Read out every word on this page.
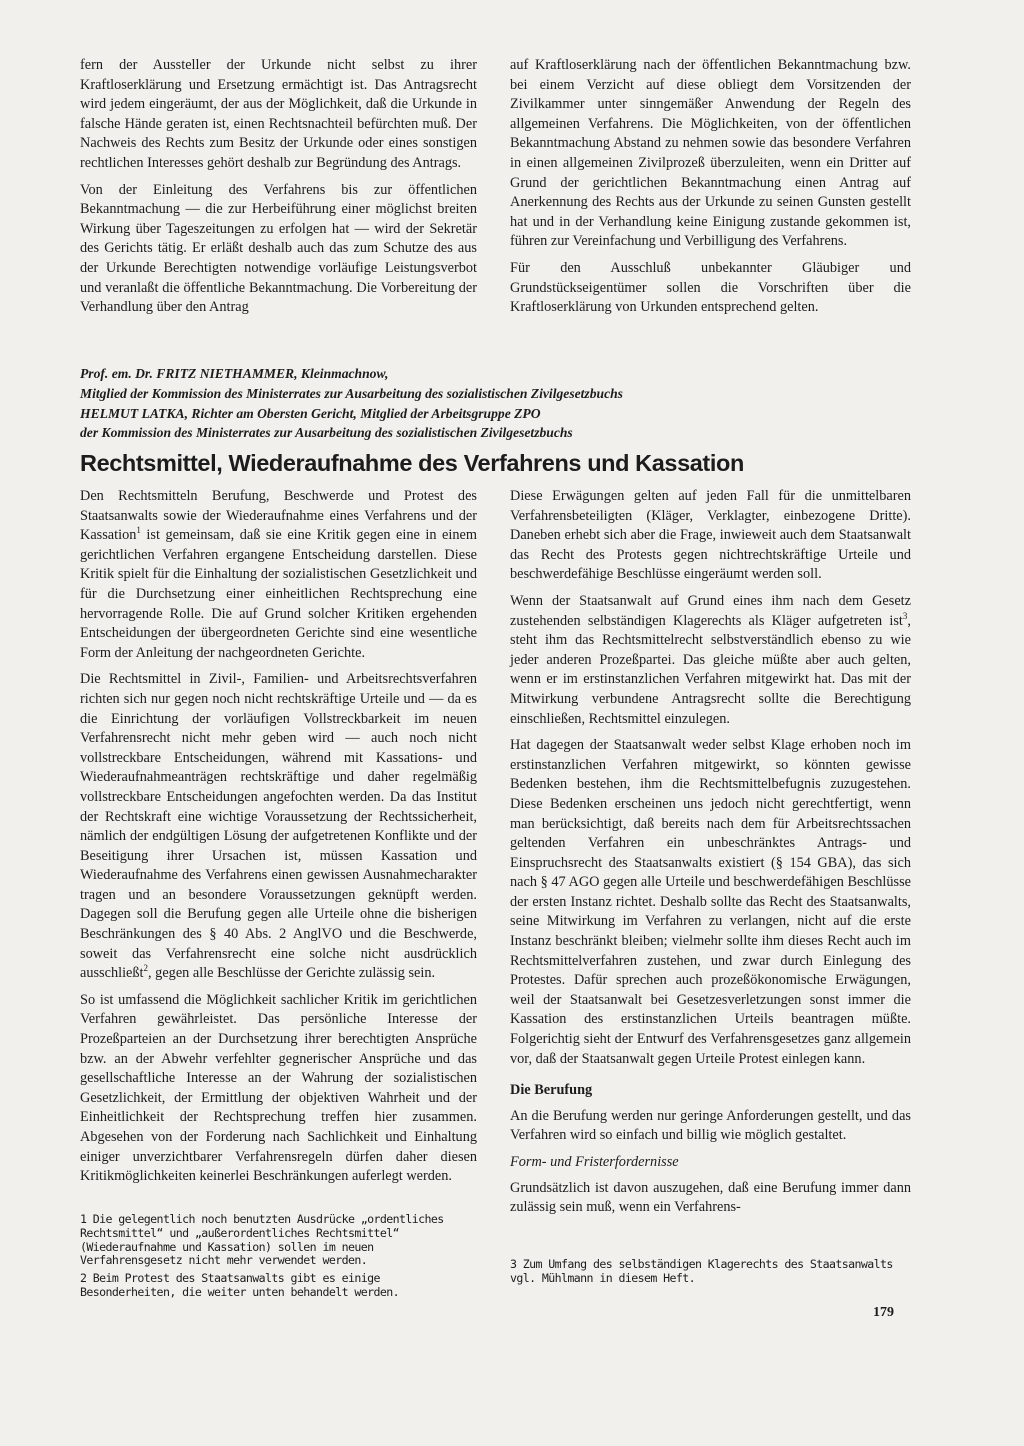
fern der Aussteller der Urkunde nicht selbst zu ihrer Kraftloserklärung und Ersetzung ermächtigt ist. Das Antragsrecht wird jedem eingeräumt, der aus der Möglichkeit, daß die Urkunde in falsche Hände geraten ist, einen Rechtsnachteil befürchten muß. Der Nachweis des Rechts zum Besitz der Urkunde oder eines sonstigen rechtlichen Interesses gehört deshalb zur Begründung des Antrags.

Von der Einleitung des Verfahrens bis zur öffentlichen Bekanntmachung — die zur Herbeiführung einer möglichst breiten Wirkung über Tageszeitungen zu erfolgen hat — wird der Sekretär des Gerichts tätig. Er erläßt deshalb auch das zum Schutze des aus der Urkunde Berechtigten notwendige vorläufige Leistungsverbot und veranlaßt die öffentliche Bekanntmachung. Die Vorbereitung der Verhandlung über den Antrag

auf Kraftloserklärung nach der öffentlichen Bekanntmachung bzw. bei einem Verzicht auf diese obliegt dem Vorsitzenden der Zivilkammer unter sinngemäßer Anwendung der Regeln des allgemeinen Verfahrens. Die Möglichkeiten, von der öffentlichen Bekanntmachung Abstand zu nehmen sowie das besondere Verfahren in einen allgemeinen Zivilprozeß überzuleiten, wenn ein Dritter auf Grund der gerichtlichen Bekanntmachung einen Antrag auf Anerkennung des Rechts aus der Urkunde zu seinen Gunsten gestellt hat und in der Verhandlung keine Einigung zustande gekommen ist, führen zur Vereinfachung und Verbilligung des Verfahrens.

Für den Ausschluß unbekannter Gläubiger und Grundstückseigentümer sollen die Vorschriften über die Kraftloserklärung von Urkunden entsprechend gelten.

Prof. em. Dr. FRITZ NIETHAMMER, Kleinmachnow,
Mitglied der Kommission des Ministerrates zur Ausarbeitung des sozialistischen Zivilgesetzbuchs
HELMUT LATKA, Richter am Obersten Gericht, Mitglied der Arbeitsgruppe ZPO
der Kommission des Ministerrates zur Ausarbeitung des sozialistischen Zivilgesetzbuchs
Rechtsmittel, Wiederaufnahme des Verfahrens und Kassation

Den Rechtsmitteln Berufung, Beschwerde und Protest des Staatsanwalts sowie der Wiederaufnahme eines Verfahrens und der Kassation$^1$ ist gemeinsam, daß sie eine Kritik gegen eine in einem gerichtlichen Verfahren ergangene Entscheidung darstellen. Diese Kritik spielt für die Einhaltung der sozialistischen Gesetzlichkeit und für die Durchsetzung einer einheitlichen Rechtsprechung eine hervorragende Rolle. Die auf Grund solcher Kritiken ergehenden Entscheidungen der übergeordneten Gerichte sind eine wesentliche Form der Anleitung der nachgeordneten Gerichte.

Die Rechtsmittel in Zivil-, Familien- und Arbeitsrechtsverfahren richten sich nur gegen noch nicht rechtskräftige Urteile und — da es die Einrichtung der vorläufigen Vollstreckbarkeit im neuen Verfahrensrecht nicht mehr geben wird — auch noch nicht vollstreckbare Entscheidungen, während mit Kassations- und Wiederaufnahmeanträgen rechtskräftige und daher regelmäßig vollstreckbare Entscheidungen angefochten werden. Da das Institut der Rechtskraft eine wichtige Voraussetzung der Rechtssicherheit, nämlich der endgültigen Lösung der aufgetretenen Konflikte und der Beseitigung ihrer Ursachen ist, müssen Kassation und Wiederaufnahme des Verfahrens einen gewissen Ausnahmecharakter tragen und an besondere Voraussetzungen geknüpft werden. Dagegen soll die Berufung gegen alle Urteile ohne die bisherigen Beschränkungen des § 40 Abs. 2 AnglVO und die Beschwerde, soweit das Verfahrensrecht eine solche nicht ausdrücklich ausschließt$^2$, gegen alle Beschlüsse der Gerichte zulässig sein.

So ist umfassend die Möglichkeit sachlicher Kritik im gerichtlichen Verfahren gewährleistet. Das persönliche Interesse der Prozeßparteien an der Durchsetzung ihrer berechtigten Ansprüche bzw. an der Abwehr verfehlter gegnerischer Ansprüche und das gesellschaftliche Interesse an der Wahrung der sozialistischen Gesetzlichkeit, der Ermittlung der objektiven Wahrheit und der Einheitlichkeit der Rechtsprechung treffen hier zusammen. Abgesehen von der Forderung nach Sachlichkeit und Einhaltung einiger unverzichtbarer Verfahrensregeln dürfen daher diesen Kritikmöglichkeiten keinerlei Beschränkungen auferlegt werden.

1 Die gelegentlich noch benutzten Ausdrücke „ordentliches Rechtsmittel“ und „außerordentliches Rechtsmittel“ (Wiederaufnahme und Kassation) sollen im neuen Verfahrensgesetz nicht mehr verwendet werden.

2 Beim Protest des Staatsanwalts gibt es einige Besonderheiten, die weiter unten behandelt werden.

Diese Erwägungen gelten auf jeden Fall für die unmittelbaren Verfahrensbeteiligten (Kläger, Verklagter, einbezogene Dritte). Daneben erhebt sich aber die Frage, inwieweit auch dem Staatsanwalt das Recht des Protests gegen nichtrechtskräftige Urteile und beschwerdefähige Beschlüsse eingeräumt werden soll.

Wenn der Staatsanwalt auf Grund eines ihm nach dem Gesetz zustehenden selbständigen Klagerechts als Kläger aufgetreten ist$^3$, steht ihm das Rechtsmittelrecht selbstverständlich ebenso zu wie jeder anderen Prozeßpartei. Das gleiche müßte aber auch gelten, wenn er im erstinstanzlichen Verfahren mitgewirkt hat. Das mit der Mitwirkung verbundene Antragsrecht sollte die Berechtigung einschließen, Rechtsmittel einzulegen.

Hat dagegen der Staatsanwalt weder selbst Klage erhoben noch im erstinstanzlichen Verfahren mitgewirkt, so könnten gewisse Bedenken bestehen, ihm die Rechtsmittelbefugnis zuzugestehen. Diese Bedenken erscheinen uns jedoch nicht gerechtfertigt, wenn man berücksichtigt, daß bereits nach dem für Arbeitsrechtssachen geltenden Verfahren ein unbeschränktes Antrags- und Einspruchsrecht des Staatsanwalts existiert (§ 154 GBA), das sich nach § 47 AGO gegen alle Urteile und beschwerdefähigen Beschlüsse der ersten Instanz richtet. Deshalb sollte das Recht des Staatsanwalts, seine Mitwirkung im Verfahren zu verlangen, nicht auf die erste Instanz beschränkt bleiben; vielmehr sollte ihm dieses Recht auch im Rechtsmittelverfahren zustehen, und zwar durch Einlegung des Protestes. Dafür sprechen auch prozeßökonomische Erwägungen, weil der Staatsanwalt bei Gesetzesverletzungen sonst immer die Kassation des erstinstanzlichen Urteils beantragen müßte. Folgerichtig sieht der Entwurf des Verfahrensgesetzes ganz allgemein vor, daß der Staatsanwalt gegen Urteile Protest einlegen kann.

Die Berufung

An die Berufung werden nur geringe Anforderungen gestellt, und das Verfahren wird so einfach und billig wie möglich gestaltet.

Form- und Fristerfordernisse

Grundsätzlich ist davon auszugehen, daß eine Berufung immer dann zulässig sein muß, wenn ein Verfahrens-

3 Zum Umfang des selbständigen Klagerechts des Staatsanwalts vgl. Mühlmann in diesem Heft.

179
